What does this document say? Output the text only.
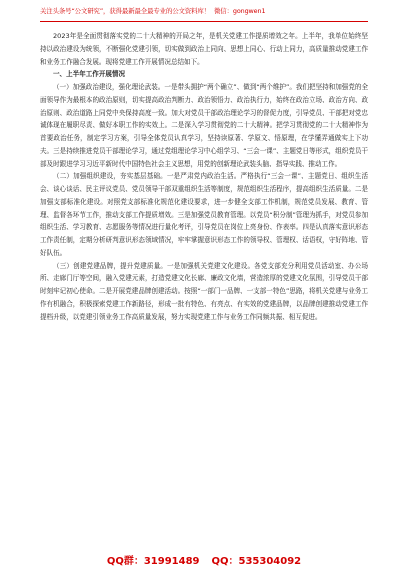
关注头条号“公文研究”，获得最新最全最专业的公文资料库！ 微信：gongwen1

2023年是全面贯彻落实党的二十大精神的开局之年，是机关党建工作提质增效之年。上半年，我单位始终坚持以政治建设为统领，不断强化党建引领，切实做到政治上同向、思想上同心、行动上同力，高质量推动党建工作和业务工作融合发展。现将党建工作开展情况总结如下。

一、上半年工作开展情况

（一）加强政治建设，强化理论武装。一是带头拥护“两个确立”、做到“两个维护”。我们把坚持和加强党的全面领导作为最根本的政治原则，切实提高政治判断力、政治领悟力、政治执行力，始终在政治立场、政治方向、政治原则、政治道路上同党中央保持高度一致。加大对党员干部政治理论学习的督促力度，引导党员、干部把对党忠诚体现在履职尽责、做好本职工作的实效上。二是深入学习贯彻党的二十大精神。把学习贯彻党的二十大精神作为首要政治任务，制定学习方案，引导全体党员认真学习，坚持读原著、学原文、悟原理，在学懂弄通做实上下功夫。三是持续推进党员干部理论学习，通过党组理论学习中心组学习、“三会一课”、主题党日等形式，组织党员干部及时跟进学习习近平新时代中国特色社会主义思想，用党的创新理论武装头脑、指导实践、推动工作。

（二）加强组织建设，夯实基层基础。一是严肃党内政治生活。严格执行“三会一课”、主题党日、组织生活会、谈心谈话、民主评议党员、党员领导干部双重组织生活等制度，规范组织生活程序，提高组织生活质量。二是加强支部标准化建设。对照党支部标准化规范化建设要求，进一步健全支部工作机制，规范党员发展、教育、管理、监督各环节工作，推动支部工作提质增效。三是加强党员教育管理。以党员“积分制”管理为抓手，对党员参加组织生活、学习教育、志愿服务等情况进行量化考评，引导党员在岗位上亮身份、作表率。四是认真落实意识形态工作责任制，定期分析研判意识形态领域情况，牢牢掌握意识形态工作的领导权、管理权、话语权，守好阵地、管好队伍。

（三）创建党建品牌，提升党建质量。一是加强机关党建文化建设。各党支部充分利用党员活动室、办公场所、走廊门厅等空间，融入党建元素，打造党建文化长廊、廉政文化墙，营造浓厚的党建文化氛围，引导党员干部时刻牢记初心使命。二是开展党建品牌创建活动。按照“一部门一品牌、一支部一特色”思路，将机关党建与业务工作有机融合，积极探索党建工作新路径，形成一批有特色、有亮点、有实效的党建品牌，以品牌创建推动党建工作提档升级，以党建引领业务工作高质量发展，努力实现党建工作与业务工作同频共振、相互促进。

QQ群：31991489 QQ：535304092
